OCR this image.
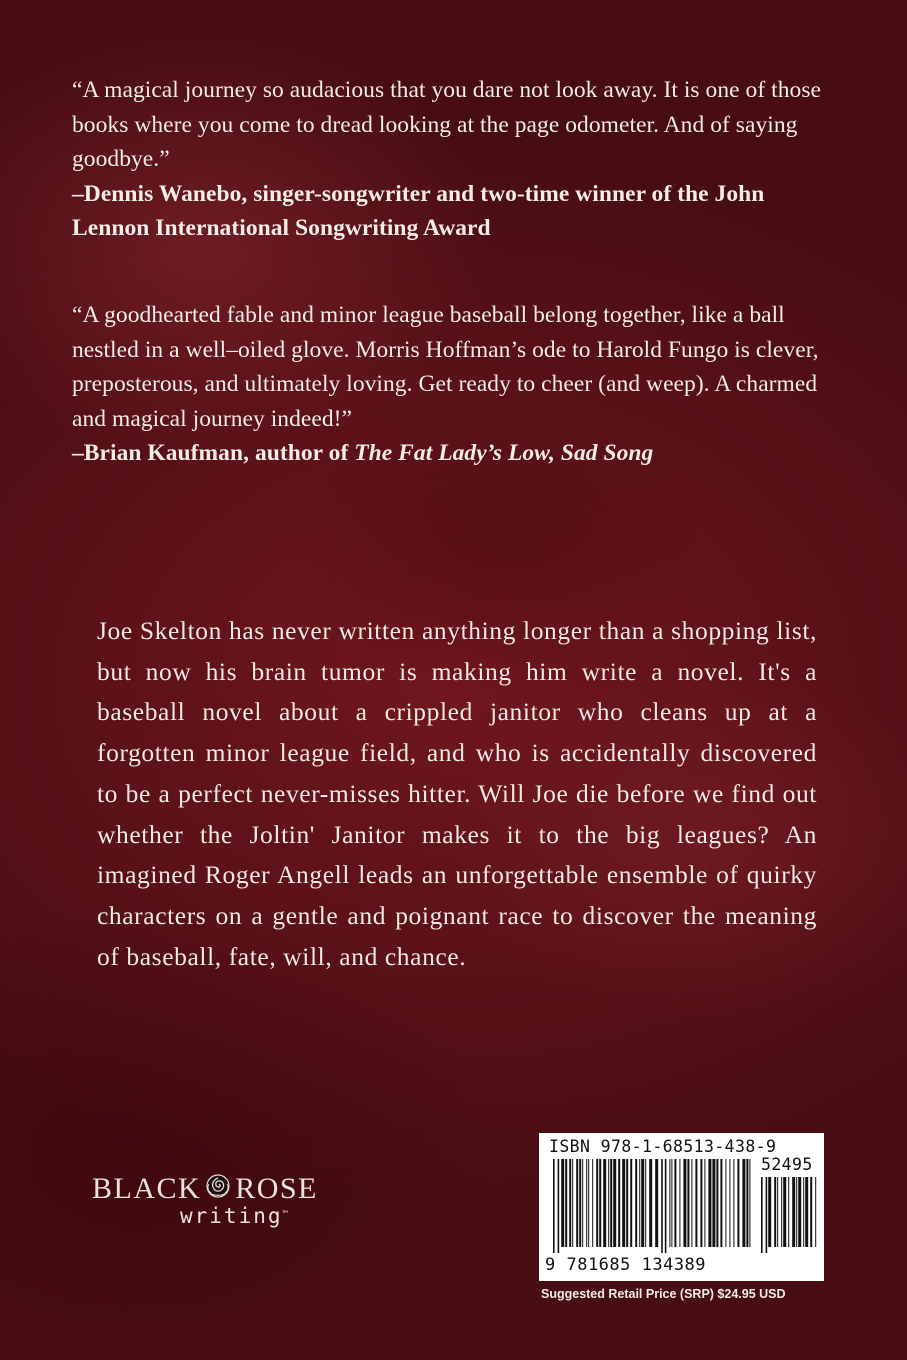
“A magical journey so audacious that you dare not look away. It is one of those books where you come to dread looking at the page odometer. And of saying goodbye.”

–Dennis Wanebo, singer-songwriter and two-time winner of the John Lennon International Songwriting Award

“A goodhearted fable and minor league baseball belong together, like a ball nestled in a well–oiled glove. Morris Hoffman’s ode to Harold Fungo is clever, preposterous, and ultimately loving. Get ready to cheer (and weep). A charmed and magical journey indeed!”

–Brian Kaufman, author of The Fat Lady’s Low, Sad Song

Joe Skelton has never written anything longer than a shopping list, but now his brain tumor is making him write a novel. It's a baseball novel about a crippled janitor who cleans up at a forgotten minor league field, and who is accidentally discovered to be a perfect never-misses hitter. Will Joe die before we find out whether the Joltin' Janitor makes it to the big leagues? An imagined Roger Angell leads an unforgettable ensemble of quirky characters on a gentle and poignant race to discover the meaning of baseball, fate, will, and chance.

BLACK ROSE
writing™
ISBN 978-1-68513-438-9
52495
9 781685 134389
Suggested Retail Price (SRP) $24.95 USD
